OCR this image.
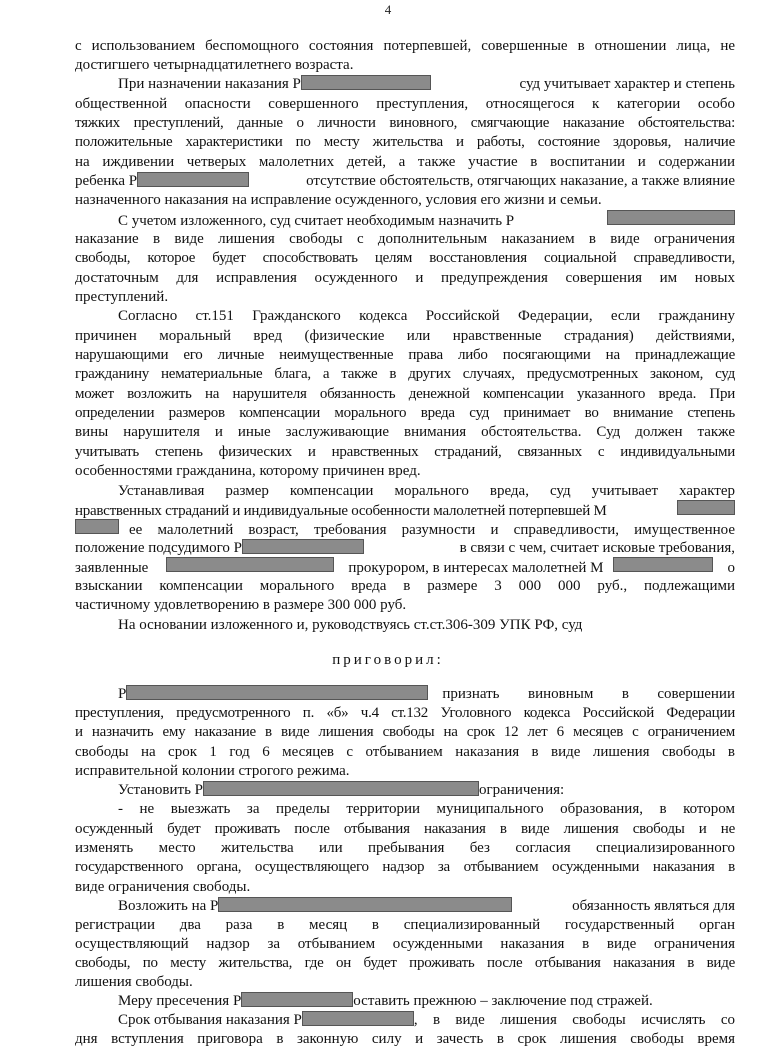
4
с использованием беспомощного состояния потерпевшей, совершенные в отношении лица, не
достигшего четырнадцатилетнего возраста.
При назначении наказания Р	суд учитывает характер и степень
общественной опасности совершенного преступления, относящегося к категории особо
тяжких преступлений, данные о личности виновного, смягчающие наказание обстоятельства:
положительные характеристики по месту жительства и работы, состояние здоровья, наличие
на иждивении четверых малолетних детей, а также участие в воспитании и содержании
ребенка Р	отсутствие обстоятельств, отягчающих наказание, а также влияние
назначенного наказания на исправление осужденного, условия его жизни и семьи.
С учетом изложенного, суд считает необходимым назначить Р
наказание в виде лишения свободы с дополнительным наказанием в виде ограничения
свободы, которое будет способствовать целям восстановления социальной справедливости,
достаточным для исправления осужденного и предупреждения совершения им новых
преступлений.
Согласно ст.151 Гражданского кодекса Российской Федерации, если гражданину
причинен моральный вред (физические или нравственные страдания) действиями,
нарушающими его личные неимущественные права либо посягающими на принадлежащие
гражданину нематериальные блага, а также в других случаях, предусмотренных законом, суд
может возложить на нарушителя обязанность денежной компенсации указанного вреда. При
определении размеров компенсации морального вреда суд принимает во внимание степень
вины нарушителя и иные заслуживающие внимания обстоятельства. Суд должен также
учитывать степень физических и нравственных страданий, связанных с индивидуальными
особенностями гражданина, которому причинен вред.
Устанавливая размер компенсации морального вреда, суд учитывает характер
нравственных страданий и индивидуальные особенности малолетней потерпевшей М
ее малолетний возраст, требования разумности и справедливости, имущественное
положение подсудимого Р	в связи с чем, считает исковые требования,
заявленные	прокурором, в интересах малолетней М	о
взыскании компенсации морального вреда в размере 3 000 000 руб., подлежащими
частичному удовлетворению в размере 300 000 руб.
На основании изложенного и, руководствуясь ст.ст.306-309 УПК РФ, суд
приговорил:
Р	признать виновным в совершении
преступления, предусмотренного п. «б» ч.4 ст.132 Уголовного кодекса Российской Федерации
и назначить ему наказание в виде лишения свободы на срок 12 лет 6 месяцев с ограничением
свободы на срок 1 год 6 месяцев с отбыванием наказания в виде лишения свободы в
исправительной колонии строгого режима.
Установить Р	ограничения:
- не выезжать за пределы территории муниципального образования, в котором
осужденный будет проживать после отбывания наказания в виде лишения свободы и не
изменять место жительства или пребывания без согласия специализированного
государственного органа, осуществляющего надзор за отбыванием осужденными наказания в
виде ограничения свободы.
Возложить на Р	обязанность являться для
регистрации два раза в месяц в специализированный государственный орган
осуществляющий надзор за отбыванием осужденными наказания в виде ограничения
свободы, по месту жительства, где он будет проживать после отбывания наказания в виде
лишения свободы.
Меру пресечения Р	оставить прежнюю – заключение под стражей.
Срок отбывания наказания Р	, в виде лишения свободы исчислять со
дня вступления приговора в законную силу и зачесть в срок лишения свободы время
